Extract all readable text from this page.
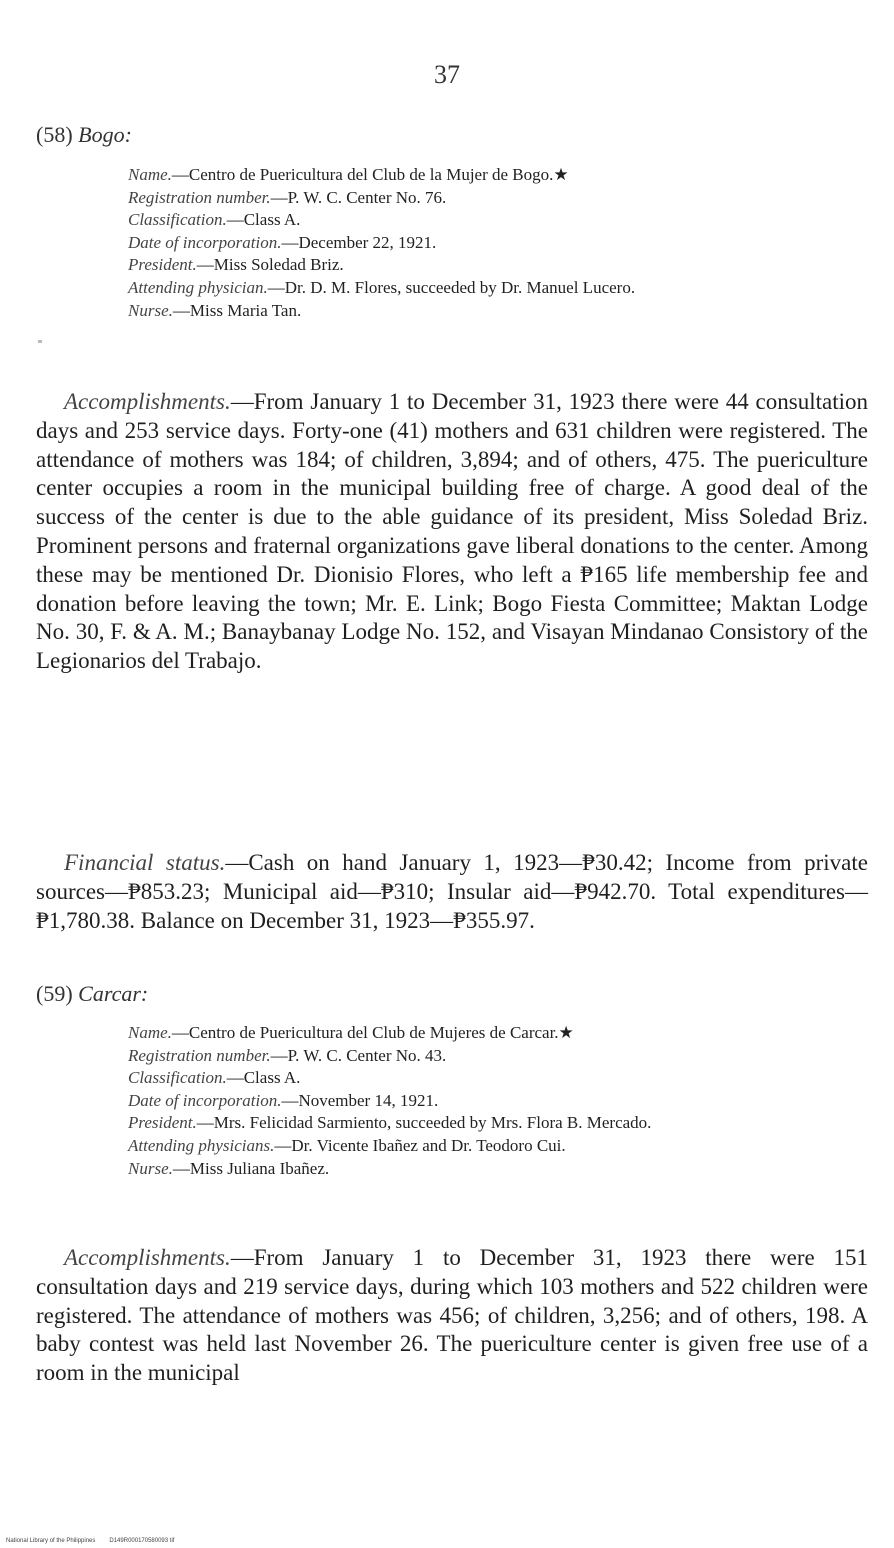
37
(58) Bogo:
Name.—Centro de Puericultura del Club de la Mujer de Bogo.★
Registration number.—P. W. C. Center No. 76.
Classification.—Class A.
Date of incorporation.—December 22, 1921.
President.—Miss Soledad Briz.
Attending physician.—Dr. D. M. Flores, succeeded by Dr. Manuel Lucero.
Nurse.—Miss Maria Tan.
Accomplishments.—From January 1 to December 31, 1923 there were 44 consultation days and 253 service days. Forty-one (41) mothers and 631 children were registered. The attendance of mothers was 184; of children, 3,894; and of others, 475. The puericulture center occupies a room in the municipal building free of charge. A good deal of the success of the center is due to the able guidance of its president, Miss Soledad Briz. Prominent persons and fraternal organizations gave liberal donations to the center. Among these may be mentioned Dr. Dionisio Flores, who left a ₱165 life membership fee and donation before leaving the town; Mr. E. Link; Bogo Fiesta Committee; Maktan Lodge No. 30, F. & A. M.; Banaybanay Lodge No. 152, and Visayan Mindanao Consistory of the Legionarios del Trabajo.
Financial status.—Cash on hand January 1, 1923—₱30.42; Income from private sources—₱853.23; Municipal aid—₱310; Insular aid—₱942.70. Total expenditures—₱1,780.38. Balance on December 31, 1923—₱355.97.
(59) Carcar:
Name.—Centro de Puericultura del Club de Mujeres de Carcar.★
Registration number.—P. W. C. Center No. 43.
Classification.—Class A.
Date of incorporation.—November 14, 1921.
President.—Mrs. Felicidad Sarmiento, succeeded by Mrs. Flora B. Mercado.
Attending physicians.—Dr. Vicente Ibañez and Dr. Teodoro Cui.
Nurse.—Miss Juliana Ibañez.
Accomplishments.—From January 1 to December 31, 1923 there were 151 consultation days and 219 service days, during which 103 mothers and 522 children were registered. The attendance of mothers was 456; of children, 3,256; and of others, 198. A baby contest was held last November 26. The puericulture center is given free use of a room in the municipal
National Library of the Philippines D149R000170580093 tif
